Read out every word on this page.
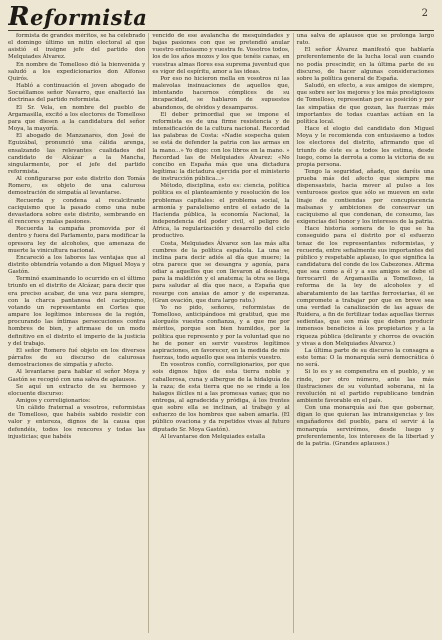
Reformista	2

formista de grandes méritos, se ha celebrado el domingo último un mitin electoral al que asistió el insigne jefe del partido don Melquiades Álvarez.

En nombre de Tomelloso dió la bienvenida y saludó a los expedicionarios don Alfonso Quirós.

Habló a continuación el joven abogado de Socuéllamos señor Navarro, que enalteció las doctrinas del partido reformista.

El Sr. Vela, en nombre del pueblo de Argamasilla, excitó a los electores de Tomelloso para que diesen a la candidatura del señor Moya, la mayoría.

El abogado de Manzanares, don José de Eguizábal, pronunció una cálida arenga, ensalzando las relevantes cualidades del candidato de Alcázar a la Mancha, singularmente, por el jefe del partido reformista.

Al configurarse por este distrito don Tomás Romero, es objeto de una calurosa demostración de simpatía al levantarse.

Recuerda y condena al recalcitrante caciquismo que la pasado como una nube devastadora sobre este distrito, sembrando en él rencores y malas pasiones.

Recuerda la campaña promovida por él dentro y fuera del Parlamento, para modificar la opresora ley de alcoholes, que amenaza de muerte la vinicultura nacional.

Encareció a los labores las ventajas que al distrito obtendría votando a don Miguel Moya y Gastón.

Terminó examinando lo ocurrido en el último triunfo en el distrito de Alcázar, para decir que era preciso acabar, de una vez para siempre, con la charca pantanosa del caciquismo, votando un representante en Cortes que ampare los legítimos intereses de la región, procurando las íntimas persecuciones contra hombres de bien, y afirmase de un modo definitivo en el distrito el imperio de la justicia y del trabajo.

El señor Romero fué objeto en los diversos párrafos de su discurso de calurosas demostraciones de simpatía y afecto.

Al levantarse para hablar el señor Moya y Gastón se recogió con una salva de aplausos.

Se aquí un extracto de su hermoso y elocuente discurso:

Amigos y correligionarios:

Un cálido fraternal a vosotros, reformistas de Tomelloso, que habéis sabido resistir con valor y entereza, dignos de la causa que defendéis, todos los rencores y todas las injusticias; que habéis

vencido de ese avalancha de mesquindades y bajas pasiones con que se pretendió anular vuestro entusiasmo y vuestra fe. Vosotros todos, los de los años mozos y los que tenéis canas, en vuestras almas flores esa suprema juventud que es vigor del espíritu, amor a las ideas.

Por eso no hicieron mella en vosotros ni las malevolas insinuaciones de aquellos que, intentando hacernos cómplices de su incapacidad, se hablaron de supuestos abandonos, de olvidos y desamparos.

El deber primordial que se impone el reformista es de una firme resistencia y de intensificación de la cultura nacional. Recordad las palabras de Costa: «Nadie sospecha quien se está de defender la patria con las armas en la mano...» Yo digo: con los libros en la mano. » Recordad las de Melquiades Álvarez: «No concibo en España más que una dictadura legítima: la dictadura ejercida por el ministerio de instrucción pública...»

Método, disciplina, esto es: ciencia, política política es el planteamiento y resolución de los problemas capitales: el problema social, la armonía y paralelismo entre el estado de la Hacienda pública, la economía Nacional, la independencia del poder civil, el peligro de África, la regularización y desarrollo del ciclo productivo.

Costa, Melquiades Álvarez son las más alta cumbres de la política española. La una se inclina para decir adiós al día que muere; la otra parece que se desangra y agonía, para odiar a aquellos que con llevaron al desastre, para la maldición y el anatema; la otra se llega para saludar al día que nace, a España que resurge con ansias de amor y de esperanza. (Gran ovación, que dura largo rato.)

Yo no pido, señores, reformistas de Tomelloso, anticipándoos mi gratitud, que me alorguéis vuestra confianza, y a que me por méritos, porque son bien humildes, por la política que represento y por la voluntad que no he de poner en servir vuestros legítimos aspiraciones, en favorecer, en la medida de mis fuerzas, todo aquello que sea interés vuestro.

En vosotros confío, correligionarios, por que sois dignos hijos de esta tierra noble y caballerosa, cuna y albergue de la hidalguía de la raza; de esta tierra que no se rinde a los halagos ilíciles ni a las promesas vanas; que no entrega, al agradecida y pródiga, á los frentes que sobre ella se inclinan, al trabajo y al esfuerzo de los hombres que saben amarla. (El público ovaciona y da repetidos vivas al futuro diputado Sr. Moya Gastón).

Al levantarse don Melquiades estalla

una salva de aplausos que se prolonga largo rato.

El señor Álvarez manifestó que hablaría preferentemente de la lucha local aun cuando no podía prescindir, en la última parte de su discurso, de hacer algunas consideraciones sobre la política general de España.

Saludó, en efecto, a sus amigos de siempre, que sobre ser los mejores y los más prestigiosos de Tomelloso, representan por su posición y por las simpatías de que gozan, las fuerzas más importantes de todas cuantas actúan en la política local.

Hace el elogio del candidato don Miguel Moya y le recomienda con entusiasmo a todos los electores del distrito, afirmando que el triunfo de éste es a todos les estima, desde luego, como la derrota a como la victoria de su propia persona.

Tengo la seguridad, añade, que daréis una prueba más del afecto que siempre me dispensasteis, hacia mover al pulso a los venturosos gestos que sólo se mueven en este linaje de contiendas por concupiscencia malsanas y ambiciones de conservar un caciquismo al que condenan, de consumo, las exigencias del honor y los intereses de la patria.

Hace historia somera de lo que se ha conseguido para el distrito por el esfuerzo tenaz de los representantes reformistas, y recuerda, entre sefialmente sus importantes del público y respetable aplauso, lo que significa la candidatura del conde de los Cabezones. Afirma que sea como a él y a sus amigos se debe el ferrocarril de Argamasilla a Tomelloso, la reforma de la ley de alcoholes y el abaratamiento de las tarifas ferroviarias, él se compromete a trabajar por que en breve sea una verdad la canalización de las aguas de Ruidera, a fin de fertilizar todas aquellas tierras sedientas, que son más que deben producir inmensos beneficios á los propietarios y a la riqueza pública (delirante y chorros de ovación y vivas a don Melquiades Álvarez.)

La última parte de su discurso la consagra a este tema: O la monarquía será democrática ó no será.

Si lo es y se compenetra en el pueblo, y se rinde, por otro número, ante las más ilustraciones de su voluntad soberana, ni la revolución ni el partido republicano tendrán ambiente favorable en el país.

Con una monarquía así fue que gobernar, digan lo que quieran las intransigencias y los engañadores del pueblo, para el servir á la monarquía servirémos, desde luego y preferentemente, los intereses de la libertad y de la patria. (Grandes aplausos.)
